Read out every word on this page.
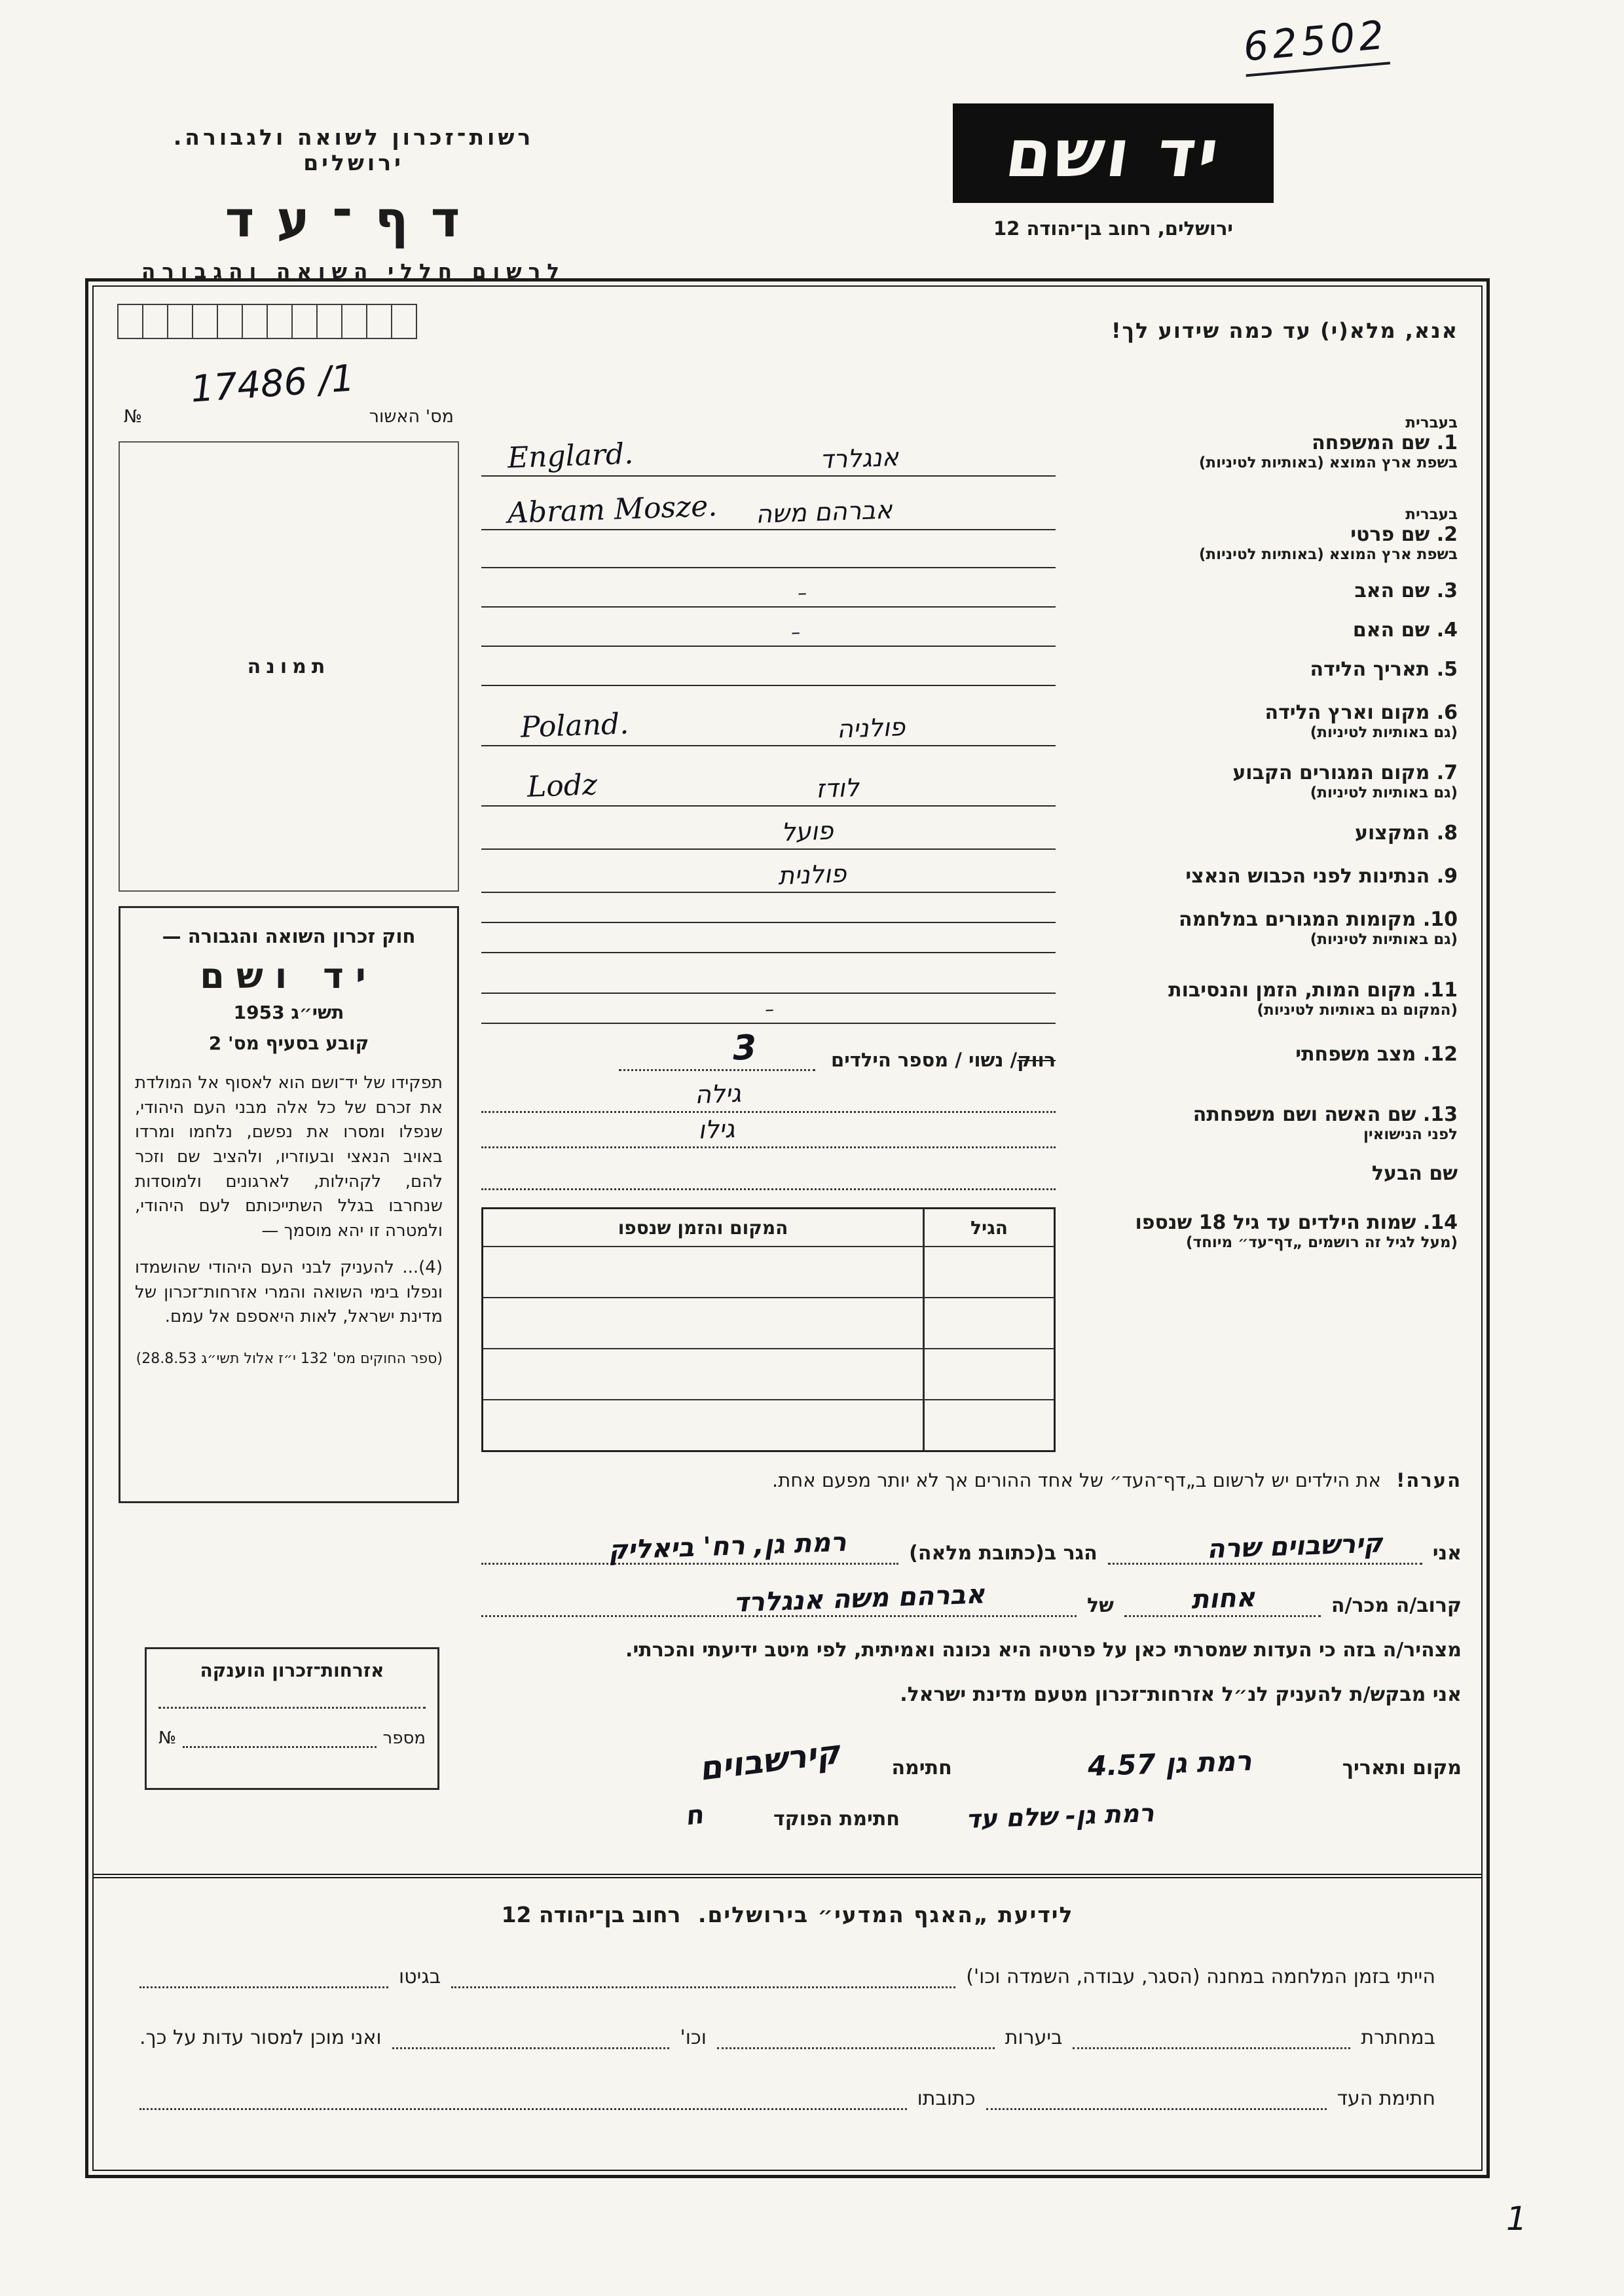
62502
רשות־זכרון לשואה ולגבורה. ירושלים
דף־עד
לרשום חללי השואה והגבורה
יד ושם
ירושלים, רחוב בן־יהודה 12
אנא, מלא(י) עד כמה שידוע לך!
מס' האשור
№
17486 /1
תמונה
חוק זכרון השואה והגבורה —
יד ושם
תשי״ג 1953
קובע בסעיף מס' 2
תפקידו של יד־ושם הוא לאסוף אל המולדת את זכרם של כל אלה מבני העם היהודי, שנפלו ומסרו את נפשם, נלחמו ומרדו באויב הנאצי ובעוזריו, ולהציב שם וזכר להם, לקהילות, לארגונים ולמוסדות שנחרבו בגלל השתייכותם לעם היהודי, ולמטרה זו יהא מוסמך —
(4)... להעניק לבני העם היהודי שהושמדו ונפלו בימי השואה והמרי אזרחות־זכרון של מדינת ישראל, לאות היאספם אל עמם.
(ספר החוקים מס' 132 י״ז אלול תשי״ג 28.8.53)
אזרחות־זכרון הוענקה
מספר
№
בעברית
1. שם המשפחה
בשפת ארץ המוצא (באותיות לטיניות)
אנגלרד
Englard.
בעברית
2. שם פרטי
בשפת ארץ המוצא (באותיות לטיניות)
אברהם משה
Abram Mosze.
3. שם האב
–
4. שם האם
–
5. תאריך הלידה
6. מקום וארץ הלידה
(גם באותיות לטיניות)
פולניה
Poland.
7. מקום המגורים הקבוע
(גם באותיות לטיניות)
לודז
Lodz
8. המקצוע
פועל
9. הנתינות לפני הכבוש הנאצי
פולנית
10. מקומות המגורים במלחמה
(גם באותיות לטיניות)
11. מקום המות, הזמן והנסיבות
(המקום גם באותיות לטיניות)
–
12. מצב משפחתי
רווק
/ נשוי / מספר הילדים
3
13. שם האשה ושם משפחתה
לפני הנישואין
גילה
גילו
שם הבעל
14. שמות הילדים עד גיל 18 שנספו
(מעל לגיל זה רושמים „דף־עד״ מיוחד)
הגיל
המקום והזמן שנספו
הערה! את הילדים יש לרשום ב„דף־העד״ של אחד ההורים אך לא יותר מפעם אחת.
אני
קירשבוים שרה
הגר ב(כתובת מלאה)
רמת גן, רח' ביאליק
קרוב/ה מכר/ה
אחות
של
אברהם משה אנגלרד
מצהיר/ה בזה כי העדות שמסרתי כאן על פרטיה היא נכונה ואמיתית, לפי מיטב ידיעתי והכרתי.
אני מבקש/ת להעניק לנ״ל אזרחות־זכרון מטעם מדינת ישראל.
מקום ותאריך
רמת גן 4.57
חתימה
קירשבוים
רמת גן- שלם עד
חתימת הפוקד
ח
לידיעת „האגף המדעי״ בירושלים. רחוב בן־יהודה 12
הייתי בזמן המלחמה במחנה (הסגר, עבודה, השמדה וכו')
בגיטו
במחתרת
ביערות
וכו'
ואני מוכן למסור עדות על כך.
חתימת העד
כתובתו
1
